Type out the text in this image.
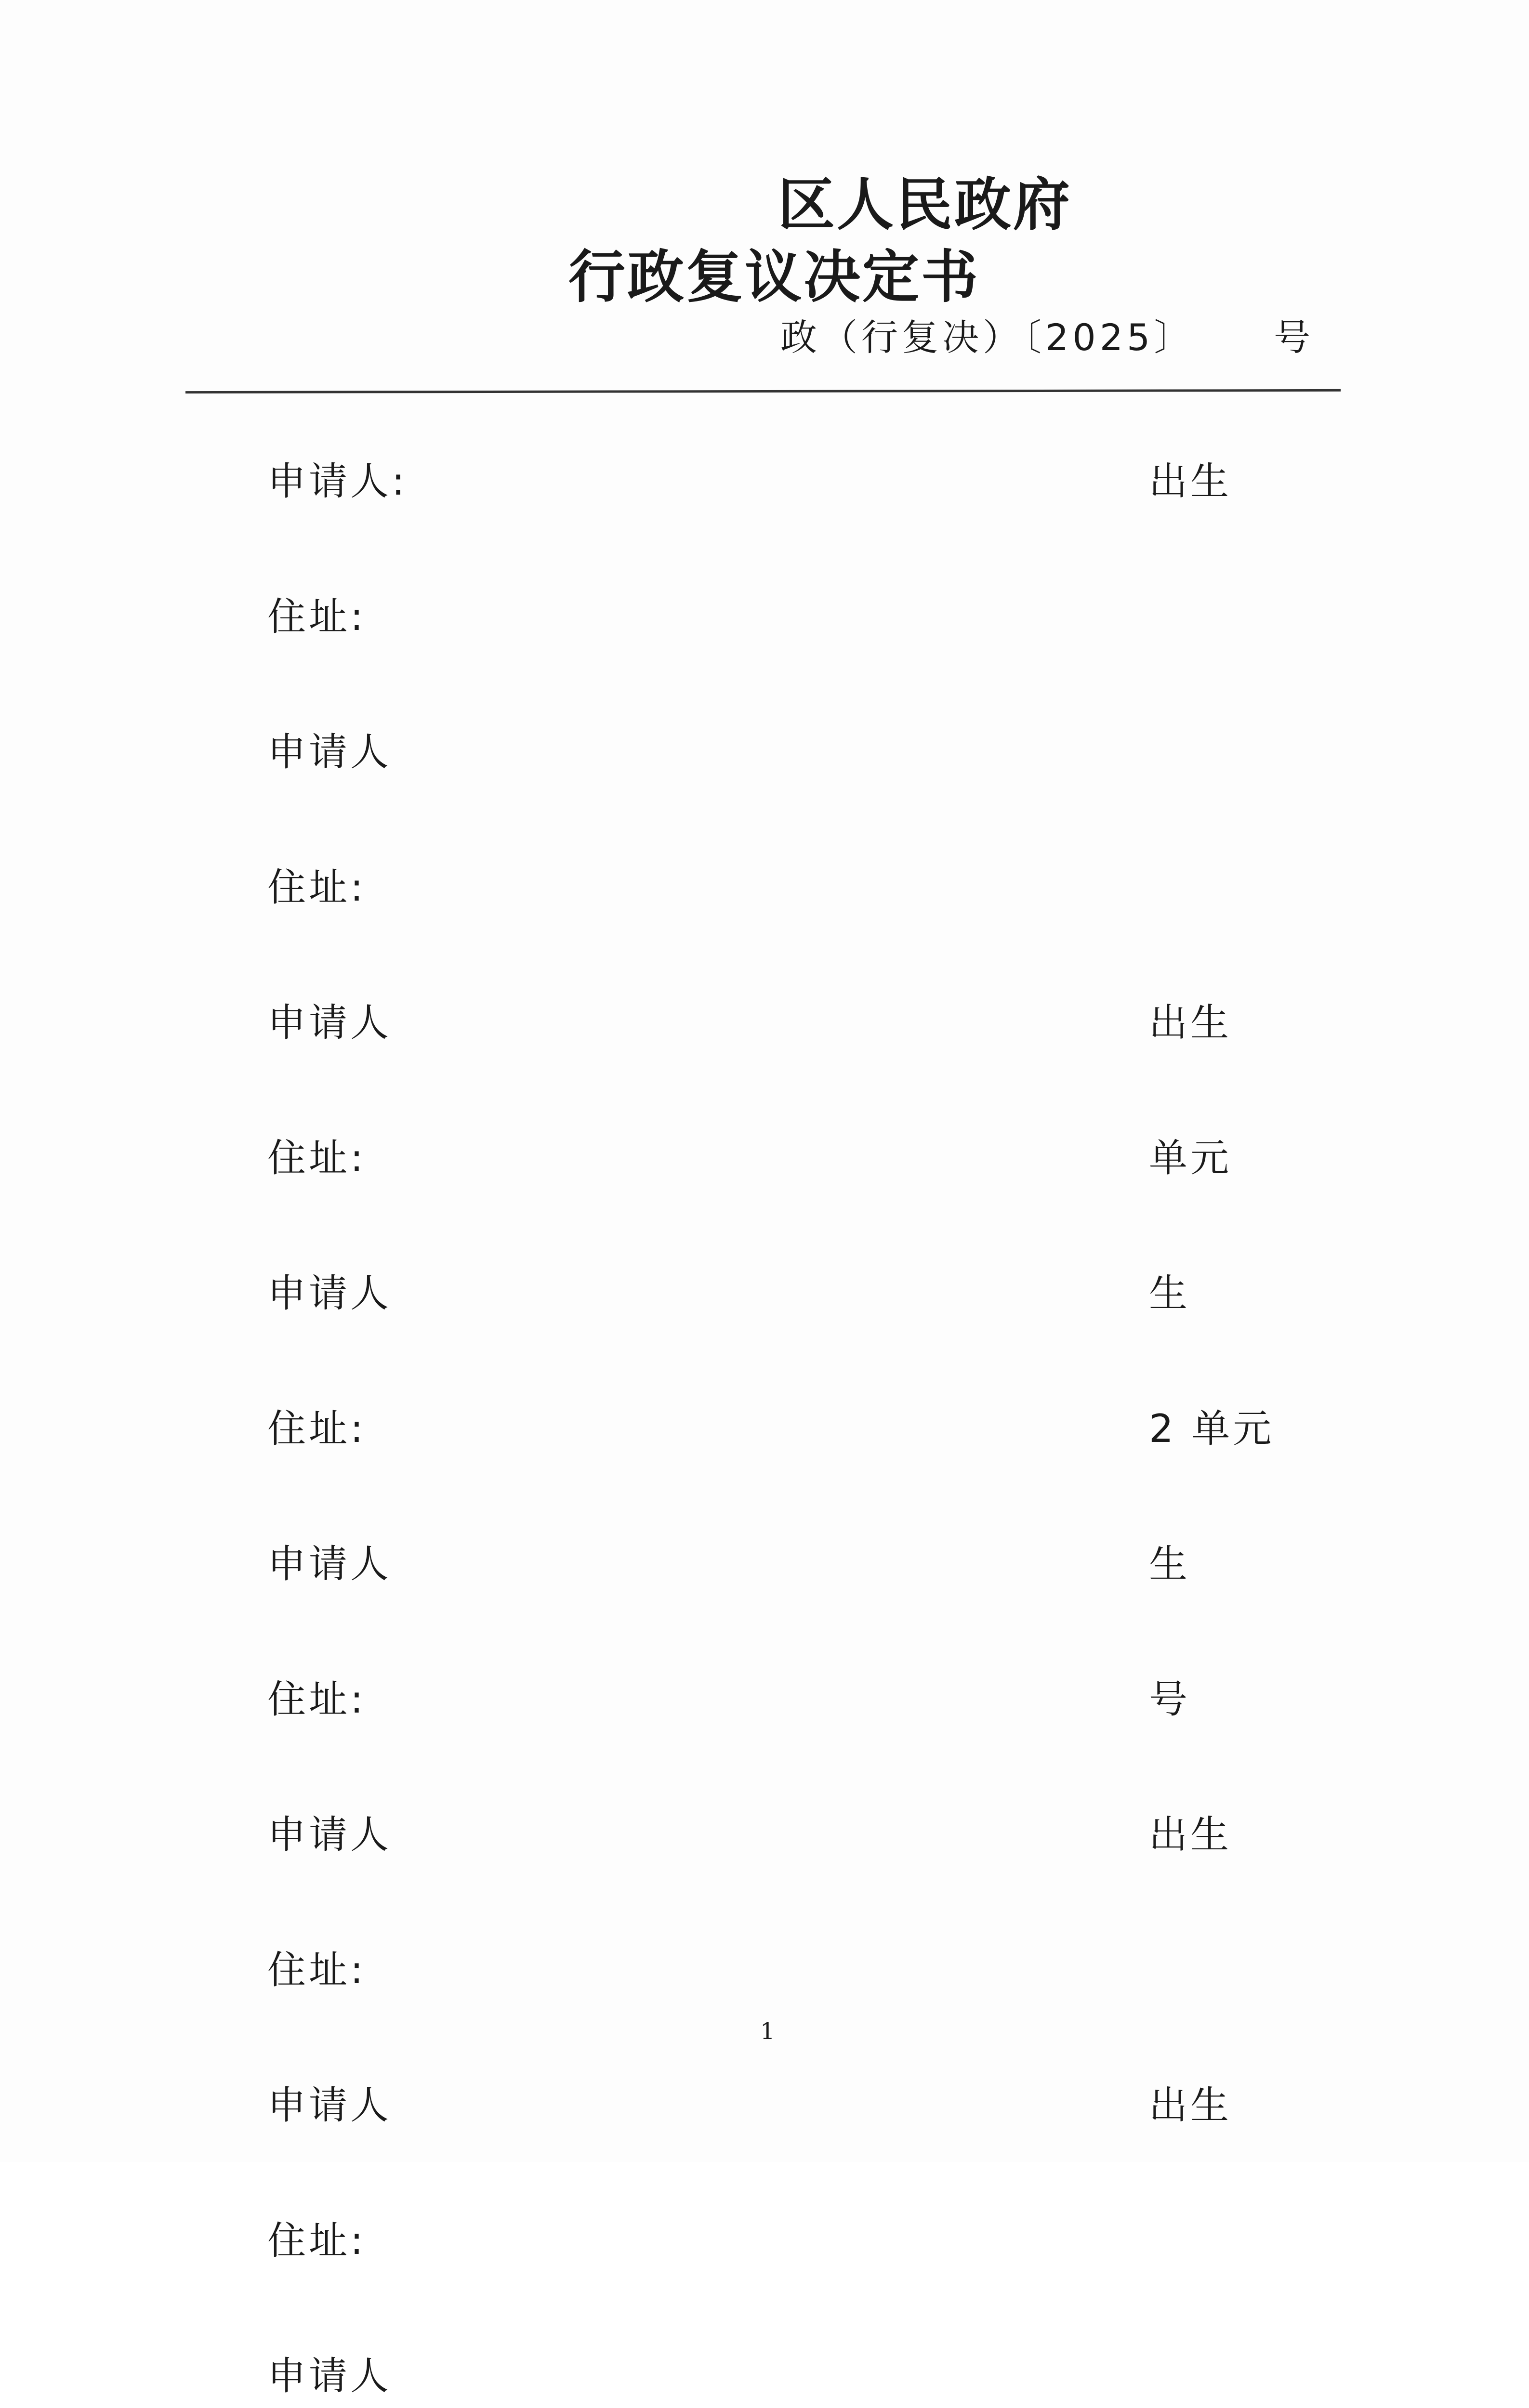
区人民政府
行政复议决定书
政（行复决）〔2025〕 号
申请人:	出生
住址:
申请人
住址:
申请人	出生
住址:	单元
申请人	生
住址:	2 单元
申请人	生
住址:	号
申请人	出生
住址:
申请人	出生
住址:
申请人
1
